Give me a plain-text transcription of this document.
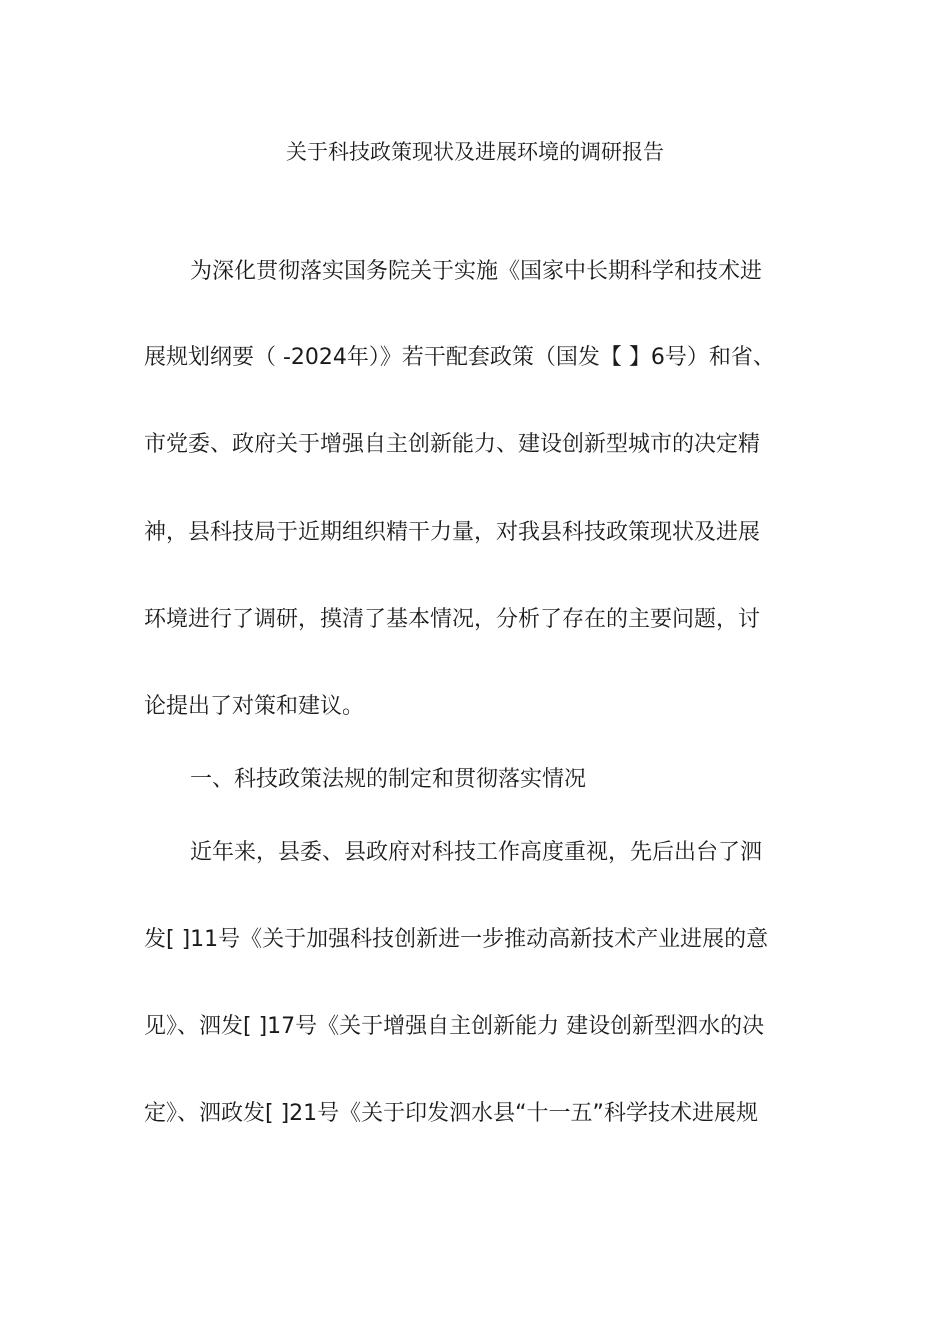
关于科技政策现状及进展环境的调研报告
为深化贯彻落实国务院关于实施《国家中长期科学和技术进
展规划纲要（ -2024年）》若干配套政策（国发【 】6号）和省、
市党委、政府关于增强自主创新能力、建设创新型城市的决定精
神，县科技局于近期组织精干力量，对我县科技政策现状及进展
环境进行了调研，摸清了基本情况，分析了存在的主要问题，讨
论提出了对策和建议。
一、科技政策法规的制定和贯彻落实情况
近年来，县委、县政府对科技工作高度重视，先后出台了泗
发[ ]11号《关于加强科技创新进一步推动高新技术产业进展的意
见》、泗发[ ]17号《关于增强自主创新能力 建设创新型泗水的决
定》、泗政发[ ]21号《关于印发泗水县“十一五”科学技术进展规
